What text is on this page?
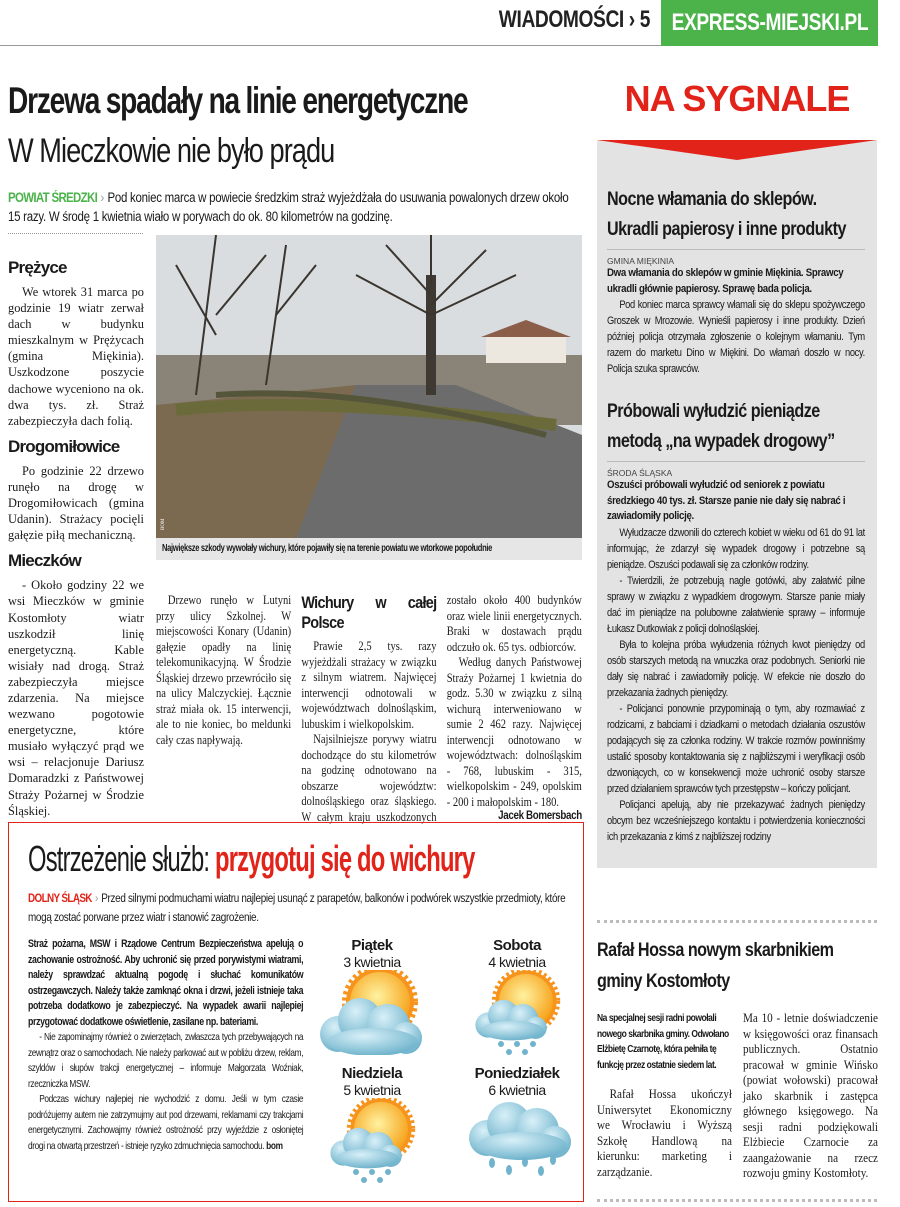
WIADOMOŚCI › 5 EXPRESS-MIEJSKI.PL
Drzewa spadały na linie energetyczne
W Mieczkowie nie było prądu
POWIAT ŚREDZKI › Pod koniec marca w powiecie średzkim straż wyjeżdżała do usuwania powalonych drzew około 15 razy. W środę 1 kwietnia wiało w porywach do ok. 80 kilometrów na godzinę.
Prężyce

We wtorek 31 marca po godzinie 19 wiatr zerwał dach w budynku mieszkalnym w Prężycach (gmina Miękinia). Uszkodzone poszycie dachowe wyceniono na ok. dwa tys. zł. Straż zabezpieczyła dach folią.

Drogomiłowice

Po godzinie 22 drzewo runęło na drogę w Drogomiłowicach (gmina Udanin). Strażacy pocięli gałęzie piłą mechaniczną.

Mieczków

- Około godziny 22 we wsi Mieczków w gminie Kostomłoty wiatr uszkodził linię energetyczną. Kable wisiały nad drogą. Straż zabezpieczyła miejsce zdarzenia. Na miejsce wezwano pogotowie energetyczne, które musiało wyłączyć prąd we wsi – relacjonuje Dariusz Domaradzki z Państwowej Straży Pożarnej w Środzie Śląskiej.

BOM
Największe szkody wywołały wichury, które pojawiły się na terenie powiatu we wtorkowe popołudnie

Drzewo runęło w Lutyni przy ulicy Szkolnej. W miejscowości Konary (Udanin) gałęzie opadły na linię telekomunikacyjną. W Środzie Śląskiej drzewo przewróciło się na ulicy Malczyckiej. Łącznie straż miała ok. 15 interwencji, ale to nie koniec, bo meldunki cały czas napływają.

Wichury w całej Polsce

Prawie 2,5 tys. razy wyjeżdżali strażacy w związku z silnym wiatrem. Najwięcej interwencji odnotowali w województwach dolnośląskim, lubuskim i wielkopolskim.

Najsilniejsze porywy wiatru dochodzące do stu kilometrów na godzinę odnotowano na obszarze województw: dolnośląskiego oraz śląskiego. W całym kraju uszkodzonych zostało około 400 budynków oraz wiele linii energetycznych. Braki w dostawach prądu odczuło ok. 65 tys. odbiorców.

Według danych Państwowej Straży Pożarnej 1 kwietnia do godz. 5.30 w związku z silną wichurą interweniowano w sumie 2 462 razy. Najwięcej interwencji odnotowano w województwach: dolnośląskim - 768, lubuskim - 315, wielkopolskim - 249, opolskim - 200 i małopolskim - 180.

Jacek Bomersbach
NA SYGNALE
Nocne włamania do sklepów. Ukradli papierosy i inne produkty
GMINA MIĘKINIA
Dwa włamania do sklepów w gminie Miękinia. Sprawcy ukradli głównie papierosy. Sprawę bada policja.

Pod koniec marca sprawcy włamali się do sklepu spożywczego Groszek w Mrozowie. Wynieśli papierosy i inne produkty. Dzień później policja otrzymała zgłoszenie o kolejnym włamaniu. Tym razem do marketu Dino w Miękini. Do włamań doszło w nocy. Policja szuka sprawców.

Próbowali wyłudzić pieniądze metodą „na wypadek drogowy”
ŚRODA ŚLĄSKA
Oszuści próbowali wyłudzić od seniorek z powiatu średzkiego 40 tys. zł. Starsze panie nie dały się nabrać i zawiadomiły policję.

Wyłudzacze dzwonili do czterech kobiet w wieku od 61 do 91 lat informując, że zdarzył się wypadek drogowy i potrzebne są pieniądze. Oszuści podawali się za członków rodziny.

- Twierdzili, że potrzebują nagle gotówki, aby załatwić pilne sprawy w związku z wypadkiem drogowym. Starsze panie miały dać im pieniądze na polubowne załatwienie sprawy – informuje Łukasz Dutkowiak z policji dolnośląskiej.

Była to kolejna próba wyłudzenia różnych kwot pieniędzy od osób starszych metodą na wnuczka oraz podobnych. Seniorki nie dały się nabrać i zawiadomiły policję. W efekcie nie doszło do przekazania żadnych pieniędzy.

- Policjanci ponownie przypominają o tym, aby rozmawiać z rodzicami, z babciami i dziadkami o metodach działania oszustów podających się za członka rodziny. W trakcie rozmów powinniśmy ustalić sposoby kontaktowania się z najbliższymi i weryfikacji osób dzwoniących, co w konsekwencji może uchronić osoby starsze przed działaniem sprawców tych przestępstw – kończy policjant.

Policjanci apelują, aby nie przekazywać żadnych pieniędzy obcym bez wcześniejszego kontaktu i potwierdzenia konieczności ich przekazania z kimś z najbliższej rodziny

Ostrzeżenie służb: przygotuj się do wichury
DOLNY ŚLĄSK › Przed silnymi podmuchami wiatru najlepiej usunąć z parapetów, balkonów i podwórek wszystkie przedmioty, które mogą zostać porwane przez wiatr i stanowić zagrożenie.
Straż pożarna, MSW i Rządowe Centrum Bezpieczeństwa apelują o zachowanie ostrożność. Aby uchronić się przed porywistymi wiatrami, należy sprawdzać aktualną pogodę i słuchać komunikatów ostrzegawczych. Należy także zamknąć okna i drzwi, jeżeli istnieje taka potrzeba dodatkowo je zabezpieczyć. Na wypadek awarii najlepiej przygotować dodatkowe oświetlenie, zasilane np. bateriami.

- Nie zapominajmy również o zwierzętach, zwłaszcza tych przebywających na zewnątrz oraz o samochodach. Nie należy parkować aut w pobliżu drzew, reklam, szyldów i słupów trakcji energetycznej – informuje Małgorzata Woźniak, rzeczniczka MSW.

Podczas wichury najlepiej nie wychodzić z domu. Jeśli w tym czasie podróżujemy autem nie zatrzymujmy aut pod drzewami, reklamami czy trakcjami energetycznymi. Zachowajmy również ostrożność przy wyjeździe z osłoniętej drogi na otwartą przestrzeń - istnieje ryzyko zdmuchnięcia samochodu. bom

Piątek
3 kwietnia
Sobota
4 kwietnia
Niedziela
5 kwietnia
Poniedziałek
6 kwietnia
Rafał Hossa nowym skarbnikiem gminy Kostomłoty
Na specjalnej sesji radni powołali nowego skarbnika gminy. Odwołano Elżbietę Czarnotę, która pełniła tę funkcję przez ostatnie siedem lat.

Rafał Hossa ukończył Uniwersytet Ekonomiczny we Wrocławiu i Wyższą Szkołę Handlową na kierunku: marketing i zarządzanie.

Ma 10 - letnie doświadczenie w księgowości oraz finansach publicznych. Ostatnio pracował w gminie Wińsko (powiat wołowski) pracował jako skarbnik i zastępca głównego księgowego. Na sesji radni podziękowali Elżbiecie Czarnocie za zaangażowanie na rzecz rozwoju gminy Kostomłoty.
